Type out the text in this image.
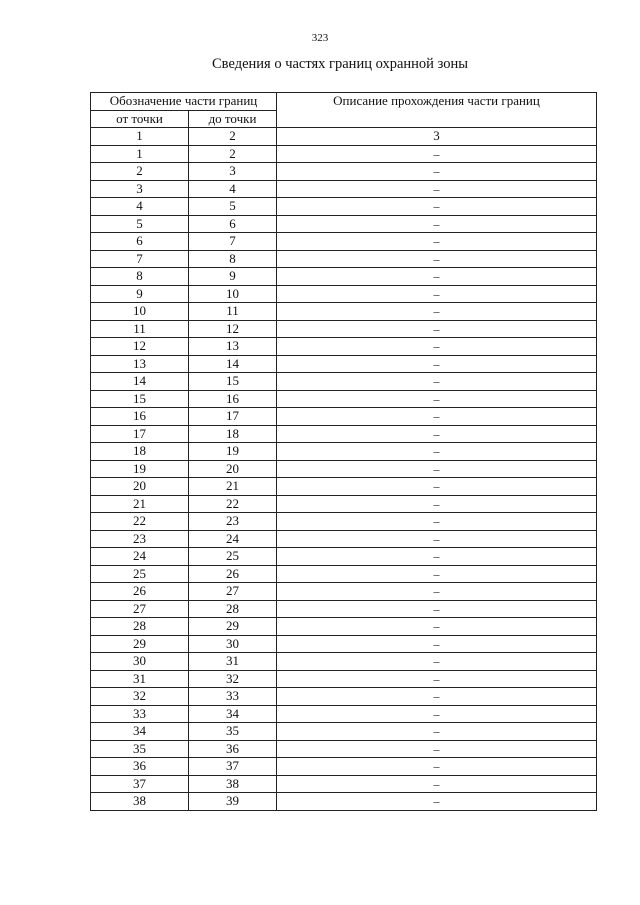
323
Сведения о частях границ охранной зоны
Обозначение части границ		Описание прохождения части границ
от точки	до точки	
1	2	3
1	2	–
2	3	–
3	4	–
4	5	–
5	6	–
6	7	–
7	8	–
8	9	–
9	10	–
10	11	–
11	12	–
12	13	–
13	14	–
14	15	–
15	16	–
16	17	–
17	18	–
18	19	–
19	20	–
20	21	–
21	22	–
22	23	–
23	24	–
24	25	–
25	26	–
26	27	–
27	28	–
28	29	–
29	30	–
30	31	–
31	32	–
32	33	–
33	34	–
34	35	–
35	36	–
36	37	–
37	38	–
38	39	–
